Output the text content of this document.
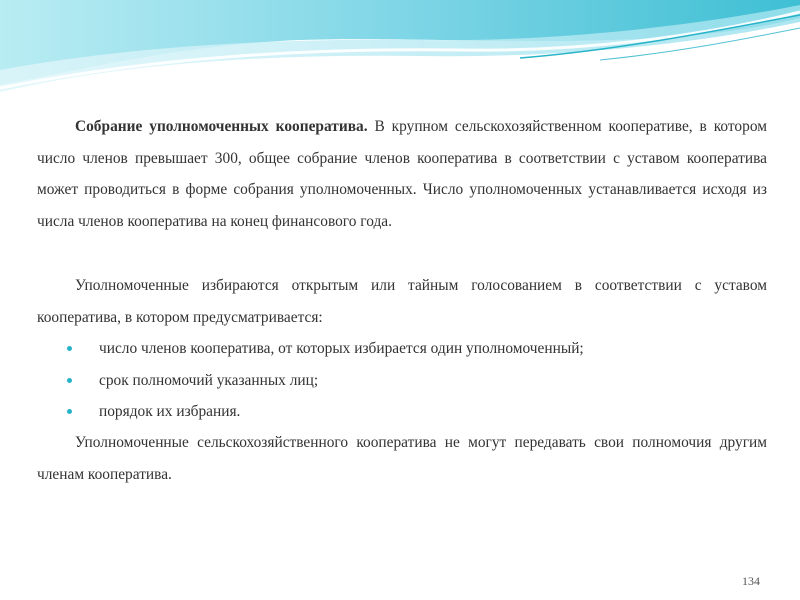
Собрание уполномоченных кооператива. В крупном сельскохозяйственном кооперативе, в котором число членов превышает 300, общее собрание членов кооператива в соответствии с уставом кооператива может проводиться в форме собрания уполномоченных. Число уполномоченных устанавливается исходя из числа членов кооператива на конец финансового года.

Уполномоченные избираются открытым или тайным голосованием в соответствии с уставом кооператива, в котором предусматривается:

число членов кооператива, от которых избирается один уполномоченный;
срок полномочий указанных лиц;
порядок их избрания.

Уполномоченные сельскохозяйственного кооператива не могут передавать свои полномочия другим членам кооператива.

134
